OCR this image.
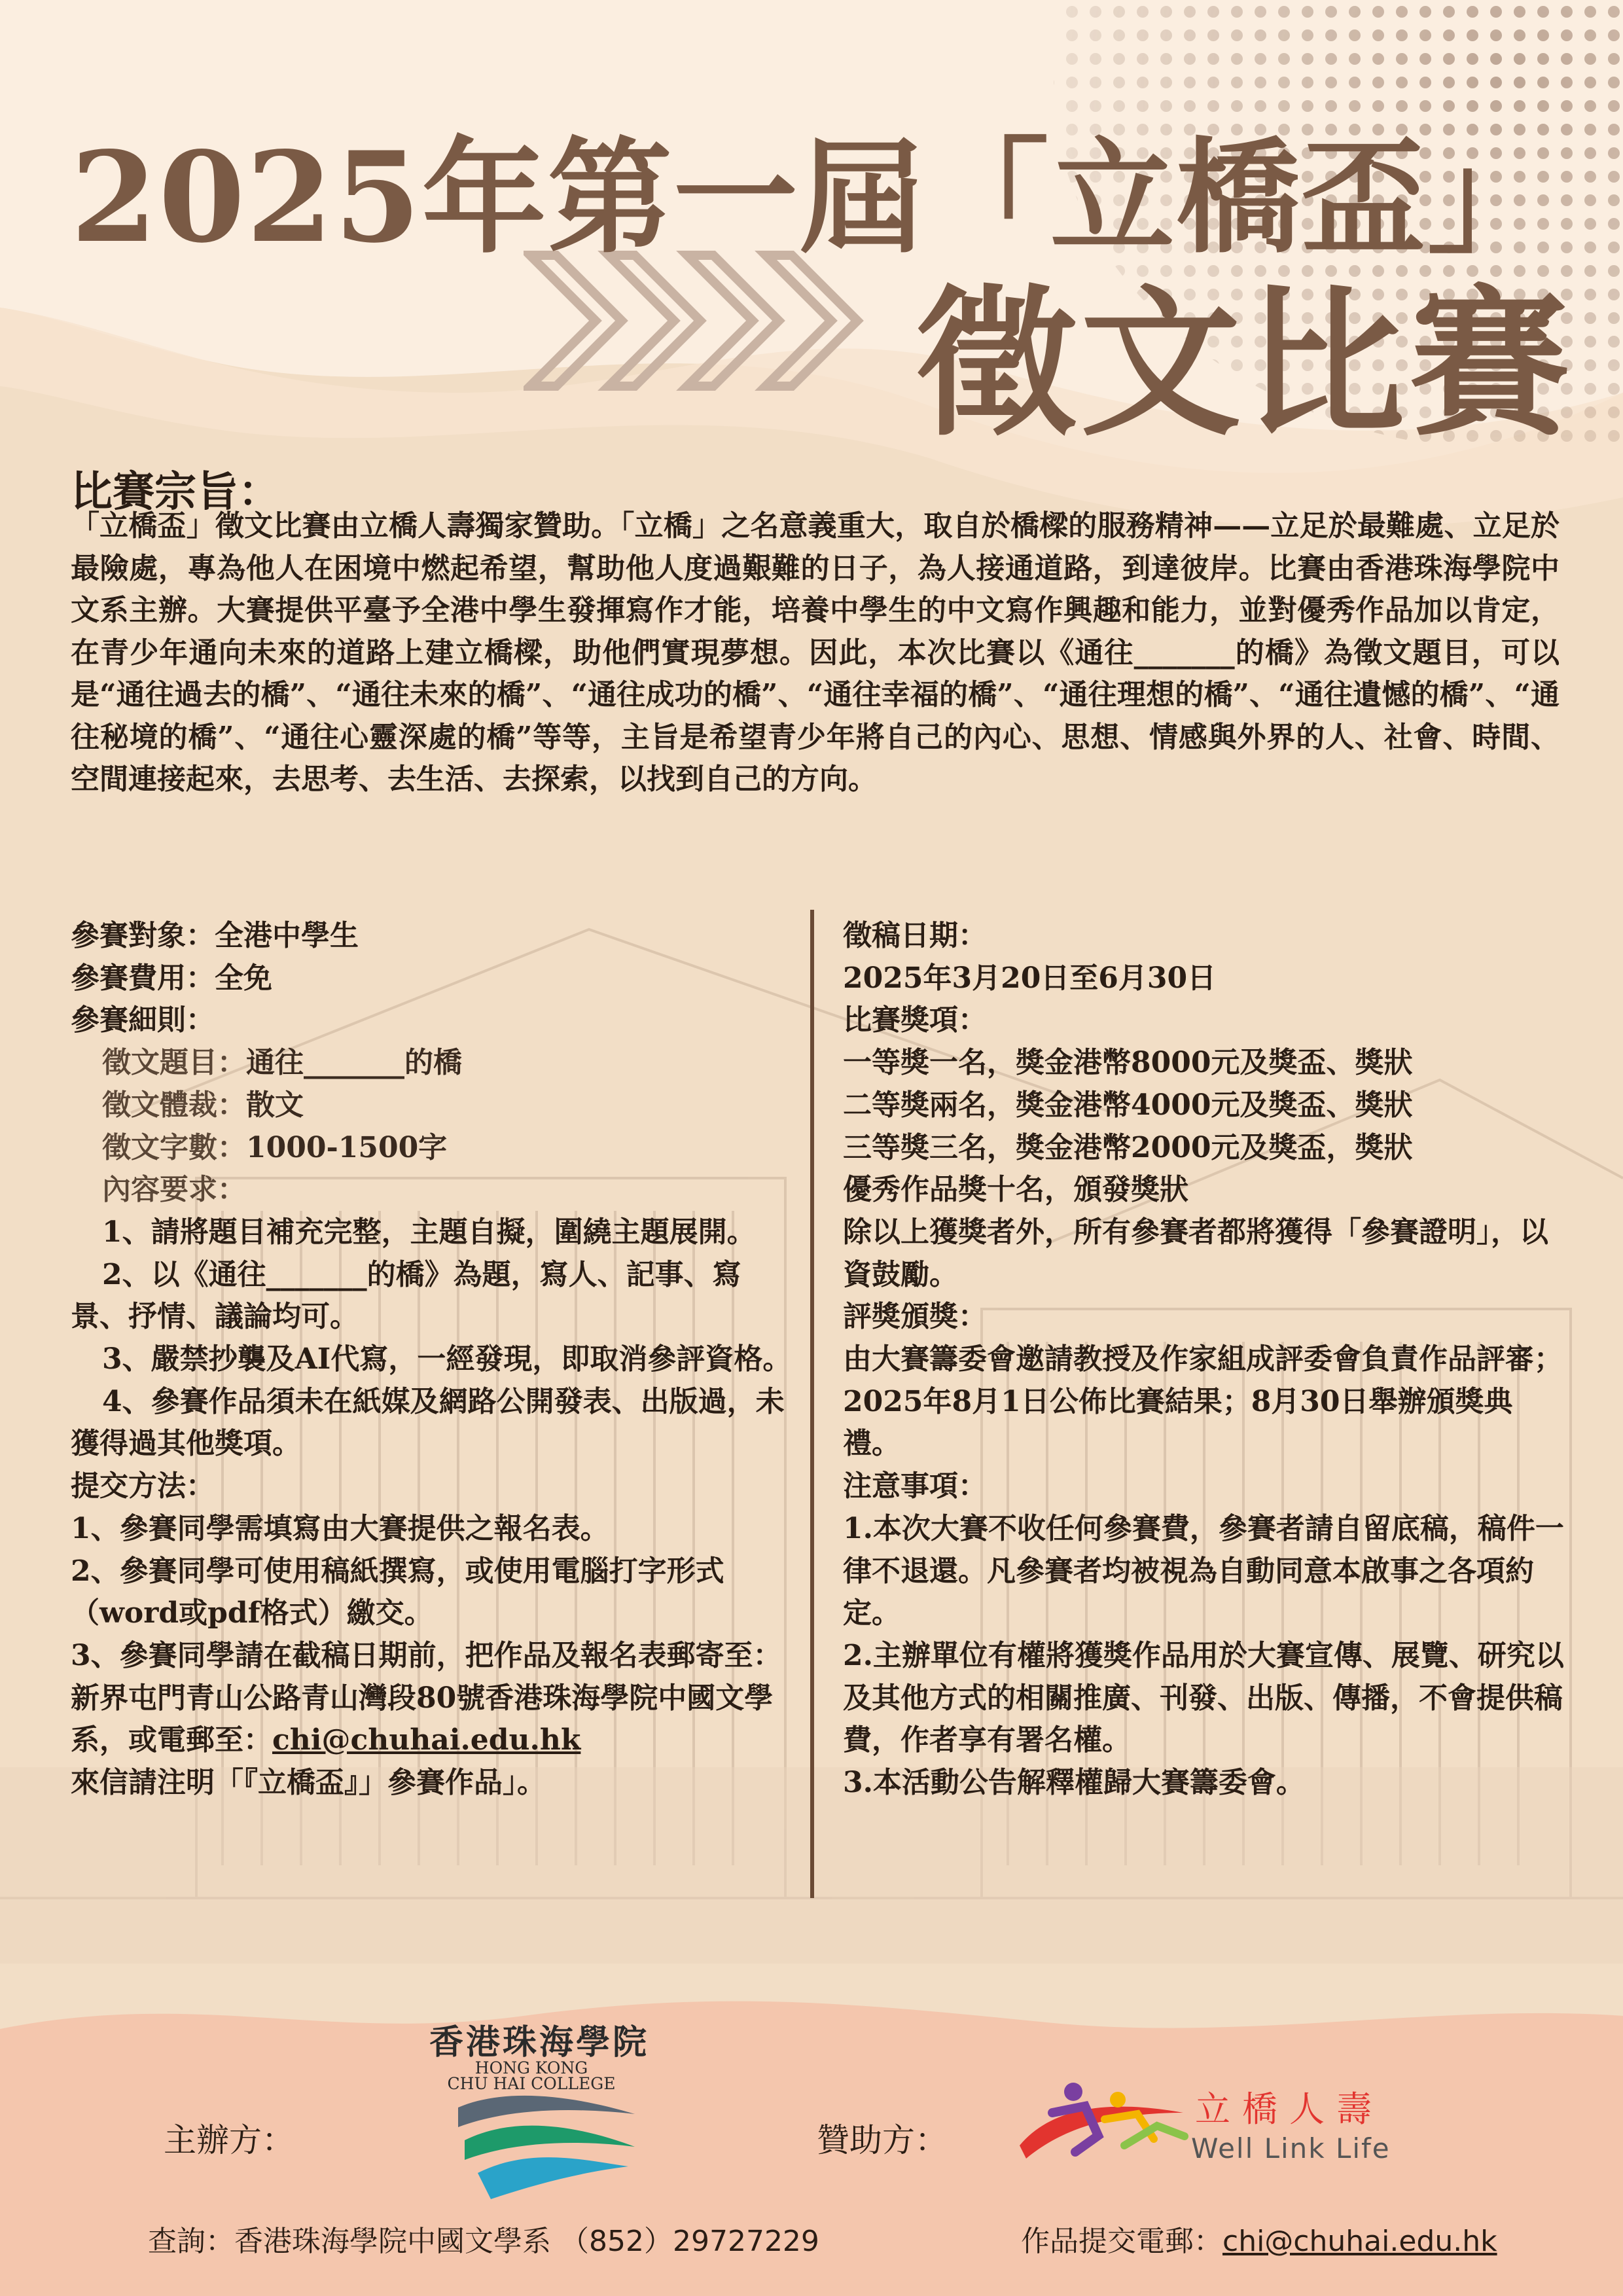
2025年第一屆「立橋盃」
徵文比賽
比賽宗旨：
「立橋盃」徵文比賽由立橋人壽獨家贊助。「立橋」之名意義重大，取自於橋樑的服務精神——立足於最難處、立足於最險處，專為他人在困境中燃起希望，幫助他人度過艱難的日子，為人接通道路，到達彼岸。比賽由香港珠海學院中文系主辦。大賽提供平臺予全港中學生發揮寫作才能，培養中學生的中文寫作興趣和能力，並對優秀作品加以肯定，在青少年通向未來的道路上建立橋樑，助他們實現夢想。因此，本次比賽以《通往_______的橋》為徵文題目，可以是“通往過去的橋”、“通往未來的橋”、“通往成功的橋”、“通往幸福的橋”、“通往理想的橋”、“通往遺憾的橋”、“通往秘境的橋”、“通往心靈深處的橋”等等，主旨是希望青少年將自己的內心、思想、情感與外界的人、社會、時間、空間連接起來，去思考、去生活、去探索，以找到自己的方向。
參賽對象：全港中學生
參賽費用：全免
參賽細則：
徵文題目：通往_______的橋
徵文體裁：散文
徵文字數：1000-1500字
內容要求：
1、請將題目補充完整，主題自擬，圍繞主題展開。
2、以《通往_______的橋》為題，寫人、記事、寫景、抒情、議論均可。
3、嚴禁抄襲及AI代寫，一經發現，即取消參評資格。
4、參賽作品須未在紙媒及網路公開發表、出版過，未獲得過其他獎項。
提交方法：
1、參賽同學需填寫由大賽提供之報名表。
2、參賽同學可使用稿紙撰寫，或使用電腦打字形式（word或pdf格式）繳交。
3、參賽同學請在截稿日期前，把作品及報名表郵寄至：新界屯門青山公路青山灣段80號香港珠海學院中國文學系，或電郵至：chi@chuhai.edu.hk
來信請注明「『立橋盃』」參賽作品」。
徵稿日期：
2025年3月20日至6月30日
比賽獎項：
一等獎一名，獎金港幣8000元及獎盃、獎狀
二等獎兩名，獎金港幣4000元及獎盃、獎狀
三等獎三名，獎金港幣2000元及獎盃，獎狀
優秀作品獎十名，頒發獎狀
除以上獲獎者外，所有參賽者都將獲得「參賽證明」，以資鼓勵。
評獎頒獎：
由大賽籌委會邀請教授及作家組成評委會負責作品評審；2025年8月1日公佈比賽結果；8月30日舉辦頒獎典禮。
注意事項：
1.本次大賽不收任何參賽費，參賽者請自留底稿，稿件一律不退還。凡參賽者均被視為自動同意本啟事之各項約定。
2.主辦單位有權將獲獎作品用於大賽宣傳、展覽、研究以及其他方式的相關推廣、刊發、出版、傳播，不會提供稿費，作者享有署名權。
3.本活動公告解釋權歸大賽籌委會。
主辦方：
香港珠海學院
HONG KONG
CHU HAI COLLEGE
贊助方：
立橋人壽
Well Link Life
查詢：香港珠海學院中國文學系 （852）29727229	作品提交電郵：chi@chuhai.edu.hk
